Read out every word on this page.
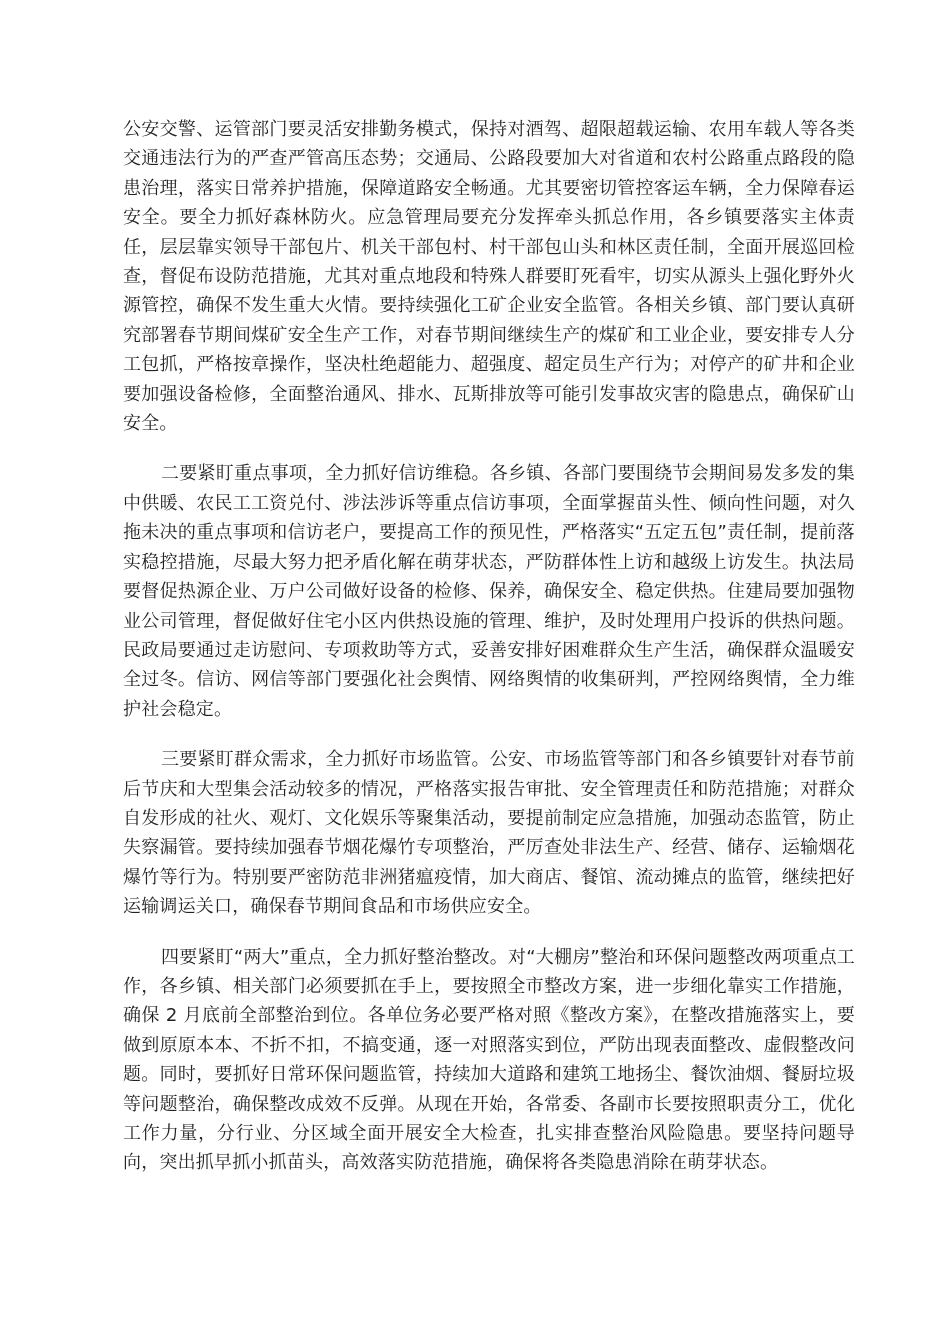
公安交警、运管部门要灵活安排勤务模式，保持对酒驾、超限超载运输、农用车载人等各类交通违法行为的严查严管高压态势；交通局、公路段要加大对省道和农村公路重点路段的隐患治理，落实日常养护措施，保障道路安全畅通。尤其要密切管控客运车辆，全力保障春运安全。要全力抓好森林防火。应急管理局要充分发挥牵头抓总作用，各乡镇要落实主体责任，层层靠实领导干部包片、机关干部包村、村干部包山头和林区责任制，全面开展巡回检查，督促布设防范措施，尤其对重点地段和特殊人群要盯死看牢，切实从源头上强化野外火源管控，确保不发生重大火情。要持续强化工矿企业安全监管。各相关乡镇、部门要认真研究部署春节期间煤矿安全生产工作，对春节期间继续生产的煤矿和工业企业，要安排专人分工包抓，严格按章操作，坚决杜绝超能力、超强度、超定员生产行为；对停产的矿井和企业要加强设备检修，全面整治通风、排水、瓦斯排放等可能引发事故灾害的隐患点，确保矿山安全。

二要紧盯重点事项，全力抓好信访维稳。各乡镇、各部门要围绕节会期间易发多发的集中供暖、农民工工资兑付、涉法涉诉等重点信访事项，全面掌握苗头性、倾向性问题，对久拖未决的重点事项和信访老户，要提高工作的预见性，严格落实“五定五包”责任制，提前落实稳控措施，尽最大努力把矛盾化解在萌芽状态，严防群体性上访和越级上访发生。执法局要督促热源企业、万户公司做好设备的检修、保养，确保安全、稳定供热。住建局要加强物业公司管理，督促做好住宅小区内供热设施的管理、维护，及时处理用户投诉的供热问题。民政局要通过走访慰问、专项救助等方式，妥善安排好困难群众生产生活，确保群众温暖安全过冬。信访、网信等部门要强化社会舆情、网络舆情的收集研判，严控网络舆情，全力维护社会稳定。

三要紧盯群众需求，全力抓好市场监管。公安、市场监管等部门和各乡镇要针对春节前后节庆和大型集会活动较多的情况，严格落实报告审批、安全管理责任和防范措施；对群众自发形成的社火、观灯、文化娱乐等聚集活动，要提前制定应急措施，加强动态监管，防止失察漏管。要持续加强春节烟花爆竹专项整治，严厉查处非法生产、经营、储存、运输烟花爆竹等行为。特别要严密防范非洲猪瘟疫情，加大商店、餐馆、流动摊点的监管，继续把好运输调运关口，确保春节期间食品和市场供应安全。

四要紧盯“两大”重点，全力抓好整治整改。对“大棚房”整治和环保问题整改两项重点工作，各乡镇、相关部门必须要抓在手上，要按照全市整改方案，进一步细化靠实工作措施，确保 2 月底前全部整治到位。各单位务必要严格对照《整改方案》，在整改措施落实上，要做到原原本本、不折不扣，不搞变通，逐一对照落实到位，严防出现表面整改、虚假整改问题。同时，要抓好日常环保问题监管，持续加大道路和建筑工地扬尘、餐饮油烟、餐厨垃圾等问题整治，确保整改成效不反弹。从现在开始，各常委、各副市长要按照职责分工，优化工作力量，分行业、分区域全面开展安全大检查，扎实排查整治风险隐患。要坚持问题导向，突出抓早抓小抓苗头，高效落实防范措施，确保将各类隐患消除在萌芽状态。
